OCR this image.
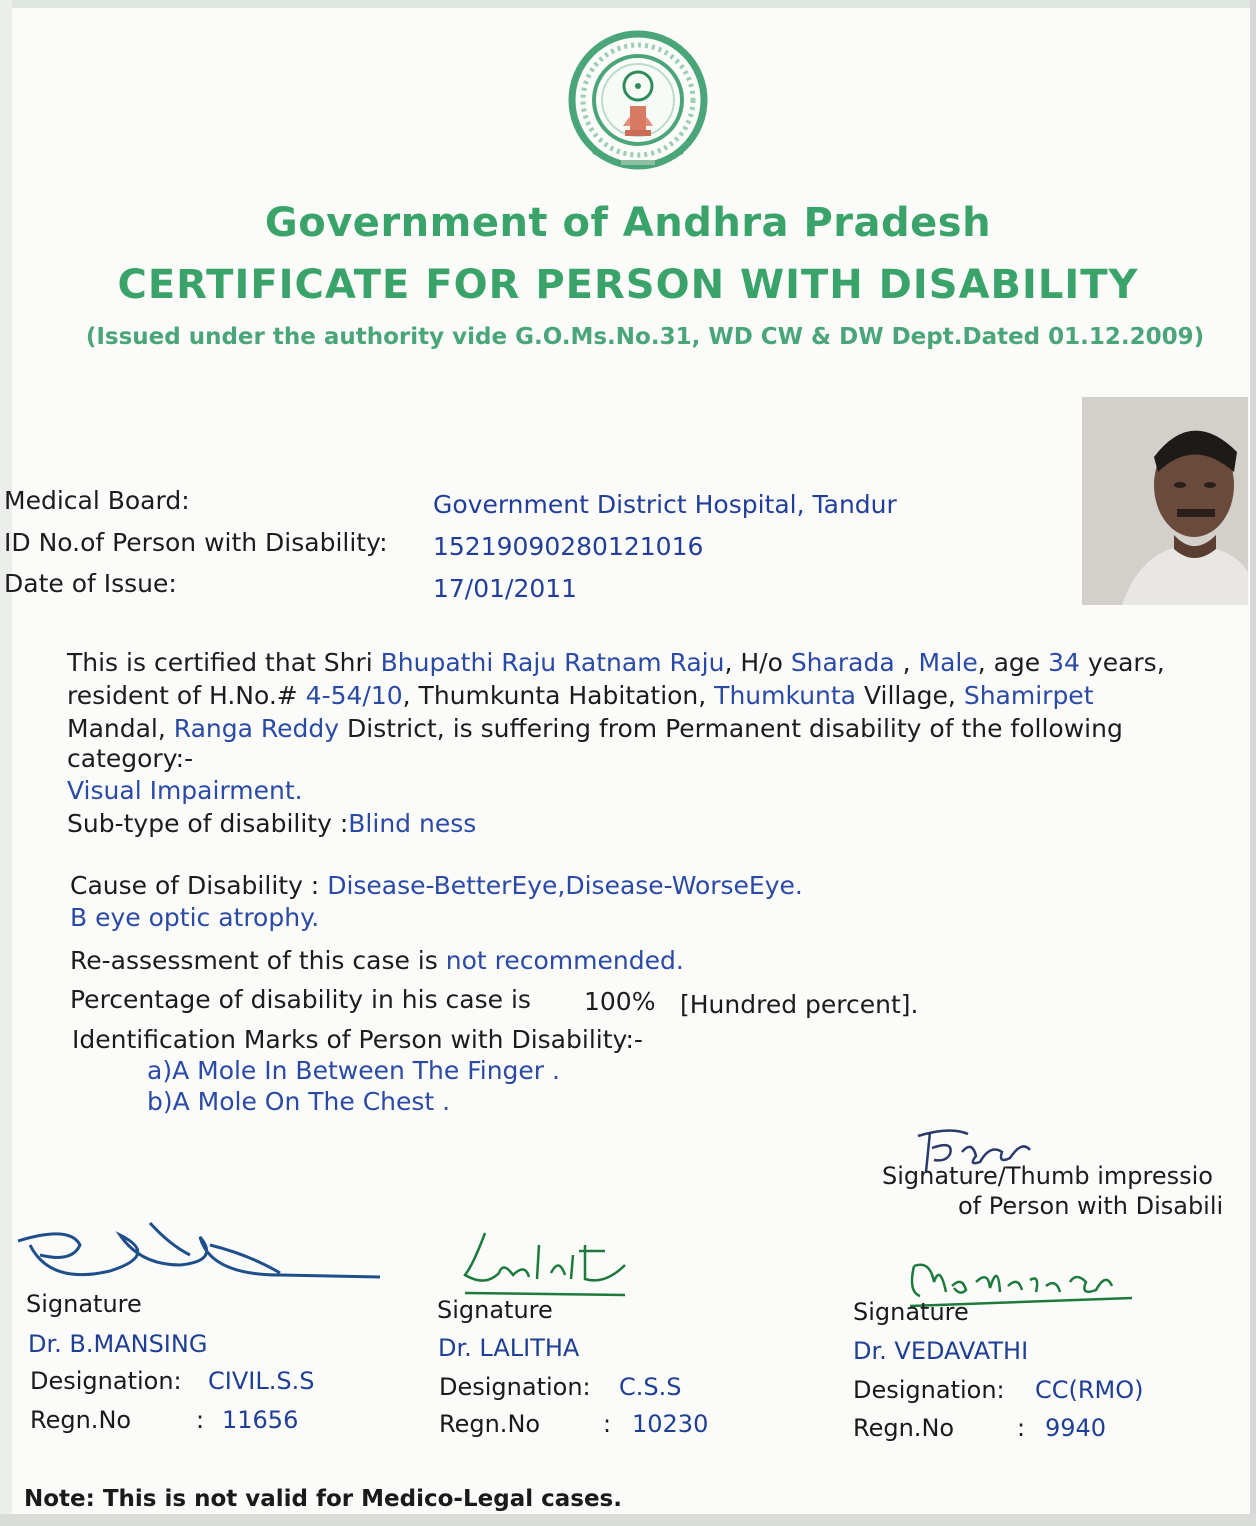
Government of Andhra Pradesh
CERTIFICATE FOR PERSON WITH DISABILITY
(Issued under the authority vide G.O.Ms.No.31, WD CW & DW Dept.Dated 01.12.2009)
Medical Board:	Government District Hospital, Tandur
ID No.of Person with Disability: 15219090280121016
Date of Issue:	17/01/2011
This is certified that Shri Bhupathi Raju Ratnam Raju, H/o Sharada , Male, age 34 years,
resident of H.No.# 4-54/10, Thumkunta Habitation, Thumkunta Village, Shamirpet
Mandal, Ranga Reddy District, is suffering from Permanent disability of the following
category:-
Visual Impairment.
Sub-type of disability :Blind ness
Cause of Disability : Disease-BetterEye,Disease-WorseEye.
B eye optic atrophy.
Re-assessment of this case is not recommended.
Percentage of disability in his case is 100% [Hundred percent].
Identification Marks of Person with Disability:-
a)A Mole In Between The Finger .
b)A Mole On The Chest .
Signature/Thumb impressio
of Person with Disabili
Signature
Dr. B.MANSING
Designation: CIVIL.S.S
Regn.No	: 11656
Signature
Dr. LALITHA
Designation: C.S.S
Regn.No	: 10230
Signature
Dr. VEDAVATHI
Designation: CC(RMO)
Regn.No	: 9940
Note: This is not valid for Medico-Legal cases.
